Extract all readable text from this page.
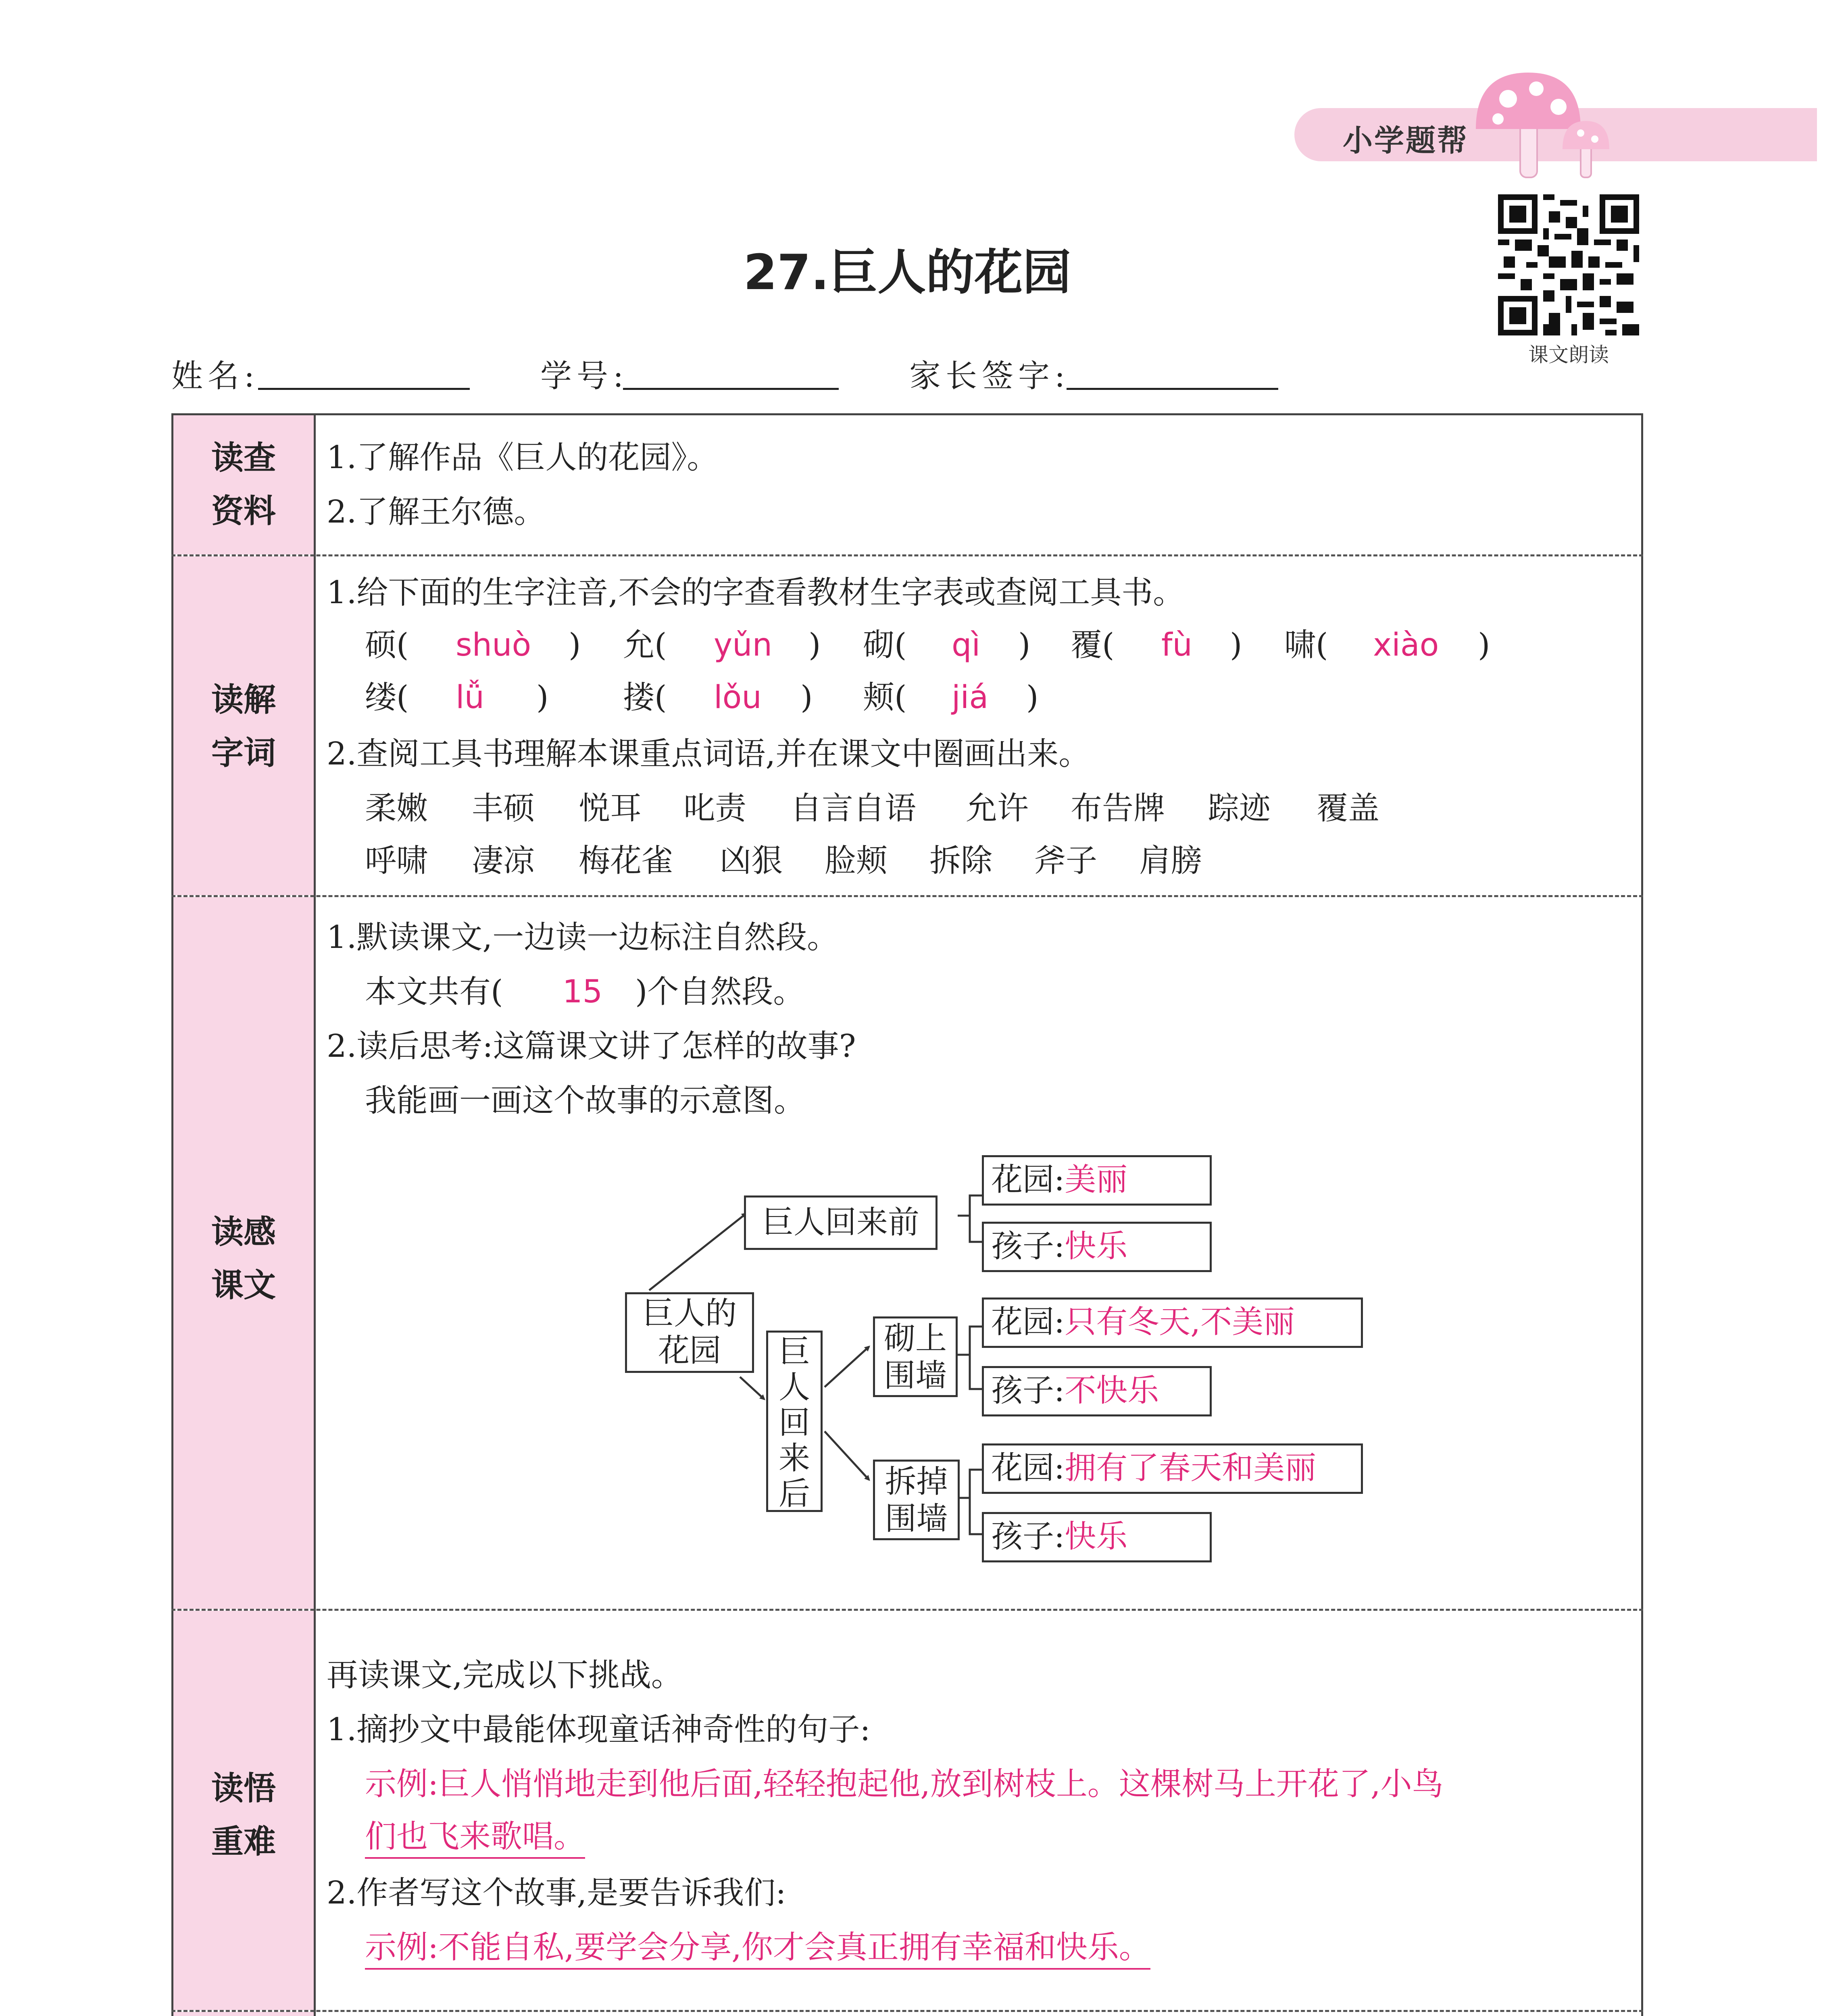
小学题帮
课文朗读
27.巨人的花园
姓名:	学号:	家长签字:
读查
资料
1.了解作品《巨人的花园》。
2.了解王尔德。
读解
字词
1.给下面的生字注音,不会的字查看教材生字表或查阅工具书。
硕( shuò ) 允( yǔn ) 砌( qì ) 覆( fù ) 啸( xiào )
缕( lǚ ) 搂( lǒu ) 颊( jiá )
2.查阅工具书理解本课重点词语,并在课文中圈画出来。
柔嫩 丰硕 悦耳 叱责 自言自语 允许 布告牌 踪迹 覆盖
呼啸 凄凉 梅花雀 凶狠 脸颊 拆除 斧子 肩膀
读感
课文
1.默读课文,一边读一边标注自然段。
本文共有( 15 )个自然段。
2.读后思考:这篇课文讲了怎样的故事?
我能画一画这个故事的示意图。
巨人的
花园
巨人回来前
巨
人
回
来
后
砌上
围墙
拆掉
围墙
花园:美丽
孩子:快乐
花园:只有冬天,不美丽
孩子:不快乐
花园:拥有了春天和美丽
孩子:快乐
读悟
重难
再读课文,完成以下挑战。
1.摘抄文中最能体现童话神奇性的句子:
示例:巨人悄悄地走到他后面,轻轻抱起他,放到树枝上。这棵树马上开花了,小鸟
们也飞来歌唱。
2.作者写这个故事,是要告诉我们:
示例:不能自私,要学会分享,你才会真正拥有幸福和快乐。
